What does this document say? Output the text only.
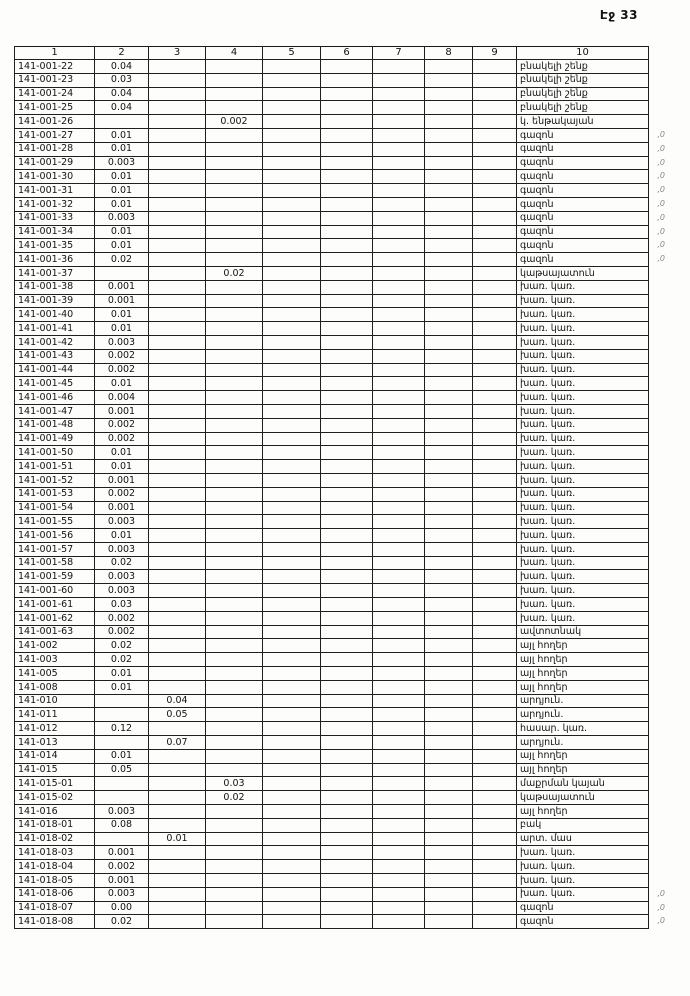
Էջ 33
1	2	3	4	5	6	7	8	9	10
141-001-22	0.04								բնակելի շենք
141-001-23	0.03								բնակելի շենք
141-001-24	0.04								բնակելի շենք
141-001-25	0.04								բնակելի շենք
141-001-26			0.002						կ. ենթակայան
141-001-27	0.01								գազոն ,0

141-001-28	0.01								գազոն ,0

141-001-29	0.003								գազոն ,0

141-001-30	0.01								գազոն ,0

141-001-31	0.01								գազոն ,0

141-001-32	0.01								գազոն ,0

141-001-33	0.003								գազոն ,0

141-001-34	0.01								գազոն ,0

141-001-35	0.01								գազոն ,0

141-001-36	0.02								գազոն ,0

141-001-37			0.02						կաթսայատուն
141-001-38	0.001								խառ. կառ.
141-001-39	0.001								խառ. կառ.
141-001-40	0.01								խառ. կառ.
141-001-41	0.01								խառ. կառ.
141-001-42	0.003								խառ. կառ.
141-001-43	0.002								խառ. կառ.
141-001-44	0.002								խառ. կառ.
141-001-45	0.01								խառ. կառ.
141-001-46	0.004								խառ. կառ.
141-001-47	0.001								խառ. կառ.
141-001-48	0.002								խառ. կառ.
141-001-49	0.002								խառ. կառ.
141-001-50	0.01								խառ. կառ.
141-001-51	0.01								խառ. կառ.
141-001-52	0.001								խառ. կառ.
141-001-53	0.002								խառ. կառ.
141-001-54	0.001								խառ. կառ.
141-001-55	0.003								խառ. կառ.
141-001-56	0.01								խառ. կառ.
141-001-57	0.003								խառ. կառ.
141-001-58	0.02								խառ. կառ.
141-001-59	0.003								խառ. կառ.
141-001-60	0.003								խառ. կառ.
141-001-61	0.03								խառ. կառ.
141-001-62	0.002								խառ. կառ.
141-001-63	0.002								ավտոտնակ
141-002	0.02								այլ հողեր
141-003	0.02								այլ հողեր
141-005	0.01								այլ հողեր
141-008	0.01								այլ հողեր
141-010		0.04							արդյուն.
141-011		0.05							արդյուն.
141-012	0.12								հասար. կառ.
141-013		0.07							արդյուն.
141-014	0.01								այլ հողեր
141-015	0.05								այլ հողեր
141-015-01			0.03						մաքրման կայան
141-015-02			0.02						կաթսայատուն
141-016	0.003								այլ հողեր
141-018-01	0.08								բակ
141-018-02		0.01							արտ. մաս
141-018-03	0.001								խառ. կառ.
141-018-04	0.002								խառ. կառ.
141-018-05	0.001								խառ. կառ.
141-018-06	0.003								խառ. կառ. ,0

141-018-07	0.00								գազոն ,0

141-018-08	0.02								գազոն ,0
